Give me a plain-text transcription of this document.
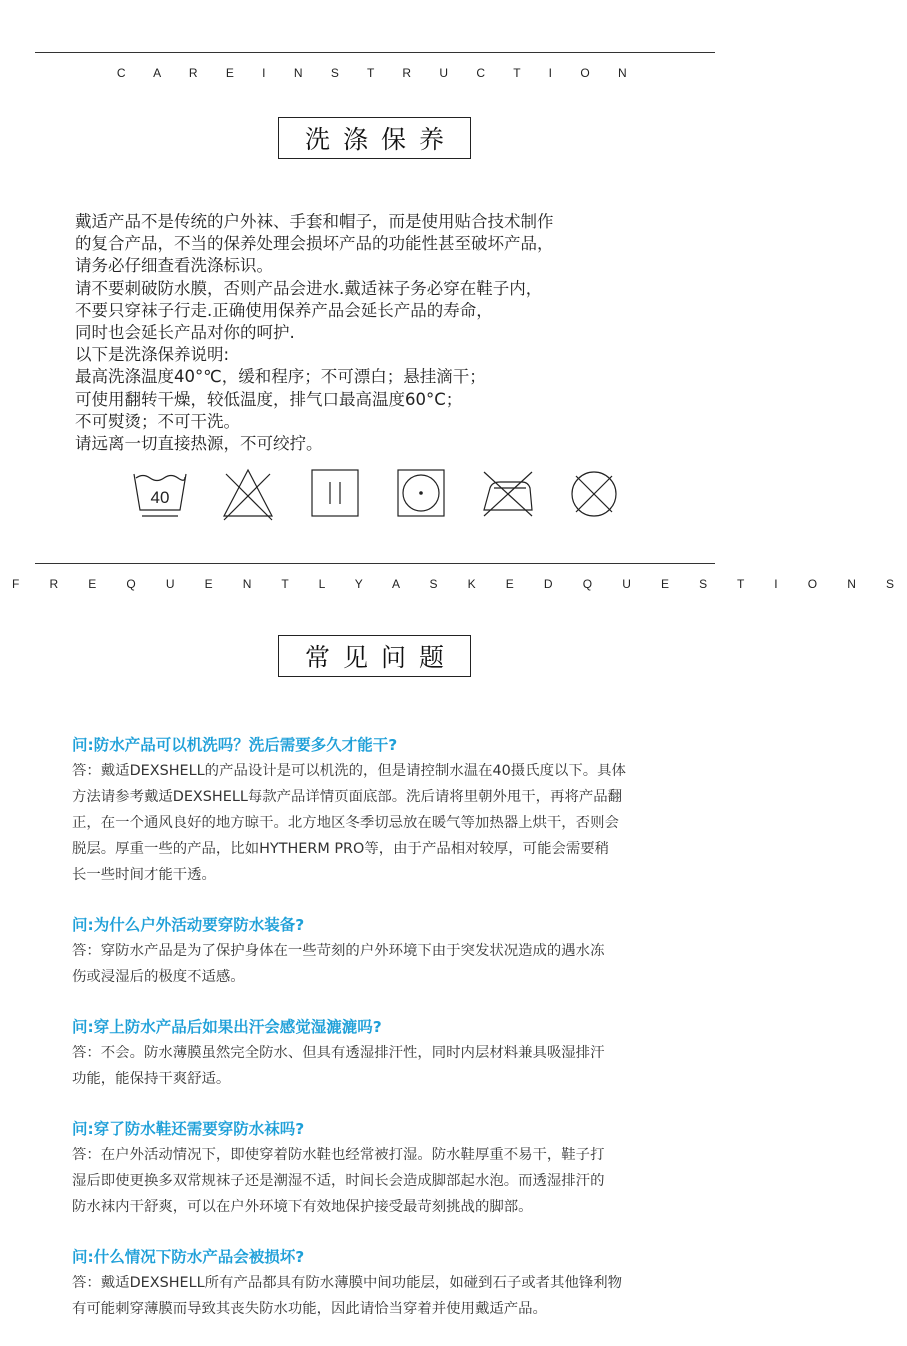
C A R E I N S T R U C T I O N
洗涤保养
戴适产品不是传统的户外袜、手套和帽子，而是使用贴合技术制作
的复合产品，不当的保养处理会损坏产品的功能性甚至破坏产品，
请务必仔细查看洗涤标识。
请不要刺破防水膜，否则产品会进水.戴适袜子务必穿在鞋子内，
不要只穿袜子行走.正确使用保养产品会延长产品的寿命，
同时也会延长产品对你的呵护.
以下是洗涤保养说明:
最高洗涤温度40°℃，缓和程序；不可漂白；悬挂滴干；
可使用翻转干燥，较低温度，排气口最高温度60°C；
不可熨烫；不可干洗。
请远离一切直接热源，不可绞拧。
40
F R E Q U E N T L Y A S K E D Q U E S T I O N S
常见问题
问:防水产品可以机洗吗？洗后需要多久才能干?
答：戴适DEXSHELL的产品设计是可以机洗的，但是请控制水温在40摄氏度以下。具体
方法请参考戴适DEXSHELL每款产品详情页面底部。洗后请将里朝外甩干，再将产品翻
正，在一个通风良好的地方晾干。北方地区冬季切忌放在暖气等加热器上烘干，否则会
脱层。厚重一些的产品，比如HYTHERM PRO等，由于产品相对较厚，可能会需要稍
长一些时间才能干透。
问:为什么户外活动要穿防水装备?
答：穿防水产品是为了保护身体在一些苛刻的户外环境下由于突发状况造成的遇水冻
伤或浸湿后的极度不适感。
问:穿上防水产品后如果出汗会感觉湿漉漉吗?
答：不会。防水薄膜虽然完全防水、但具有透湿排汗性，同时内层材料兼具吸湿排汗
功能，能保持干爽舒适。
问:穿了防水鞋还需要穿防水袜吗?
答：在户外活动情况下，即使穿着防水鞋也经常被打湿。防水鞋厚重不易干，鞋子打
湿后即使更换多双常规袜子还是潮湿不适，时间长会造成脚部起水泡。而透湿排汗的
防水袜内干舒爽，可以在户外环境下有效地保护接受最苛刻挑战的脚部。
问:什么情况下防水产品会被损坏?
答：戴适DEXSHELL所有产品都具有防水薄膜中间功能层，如碰到石子或者其他锋利物
有可能刺穿薄膜而导致其丧失防水功能，因此请恰当穿着并使用戴适产品。
